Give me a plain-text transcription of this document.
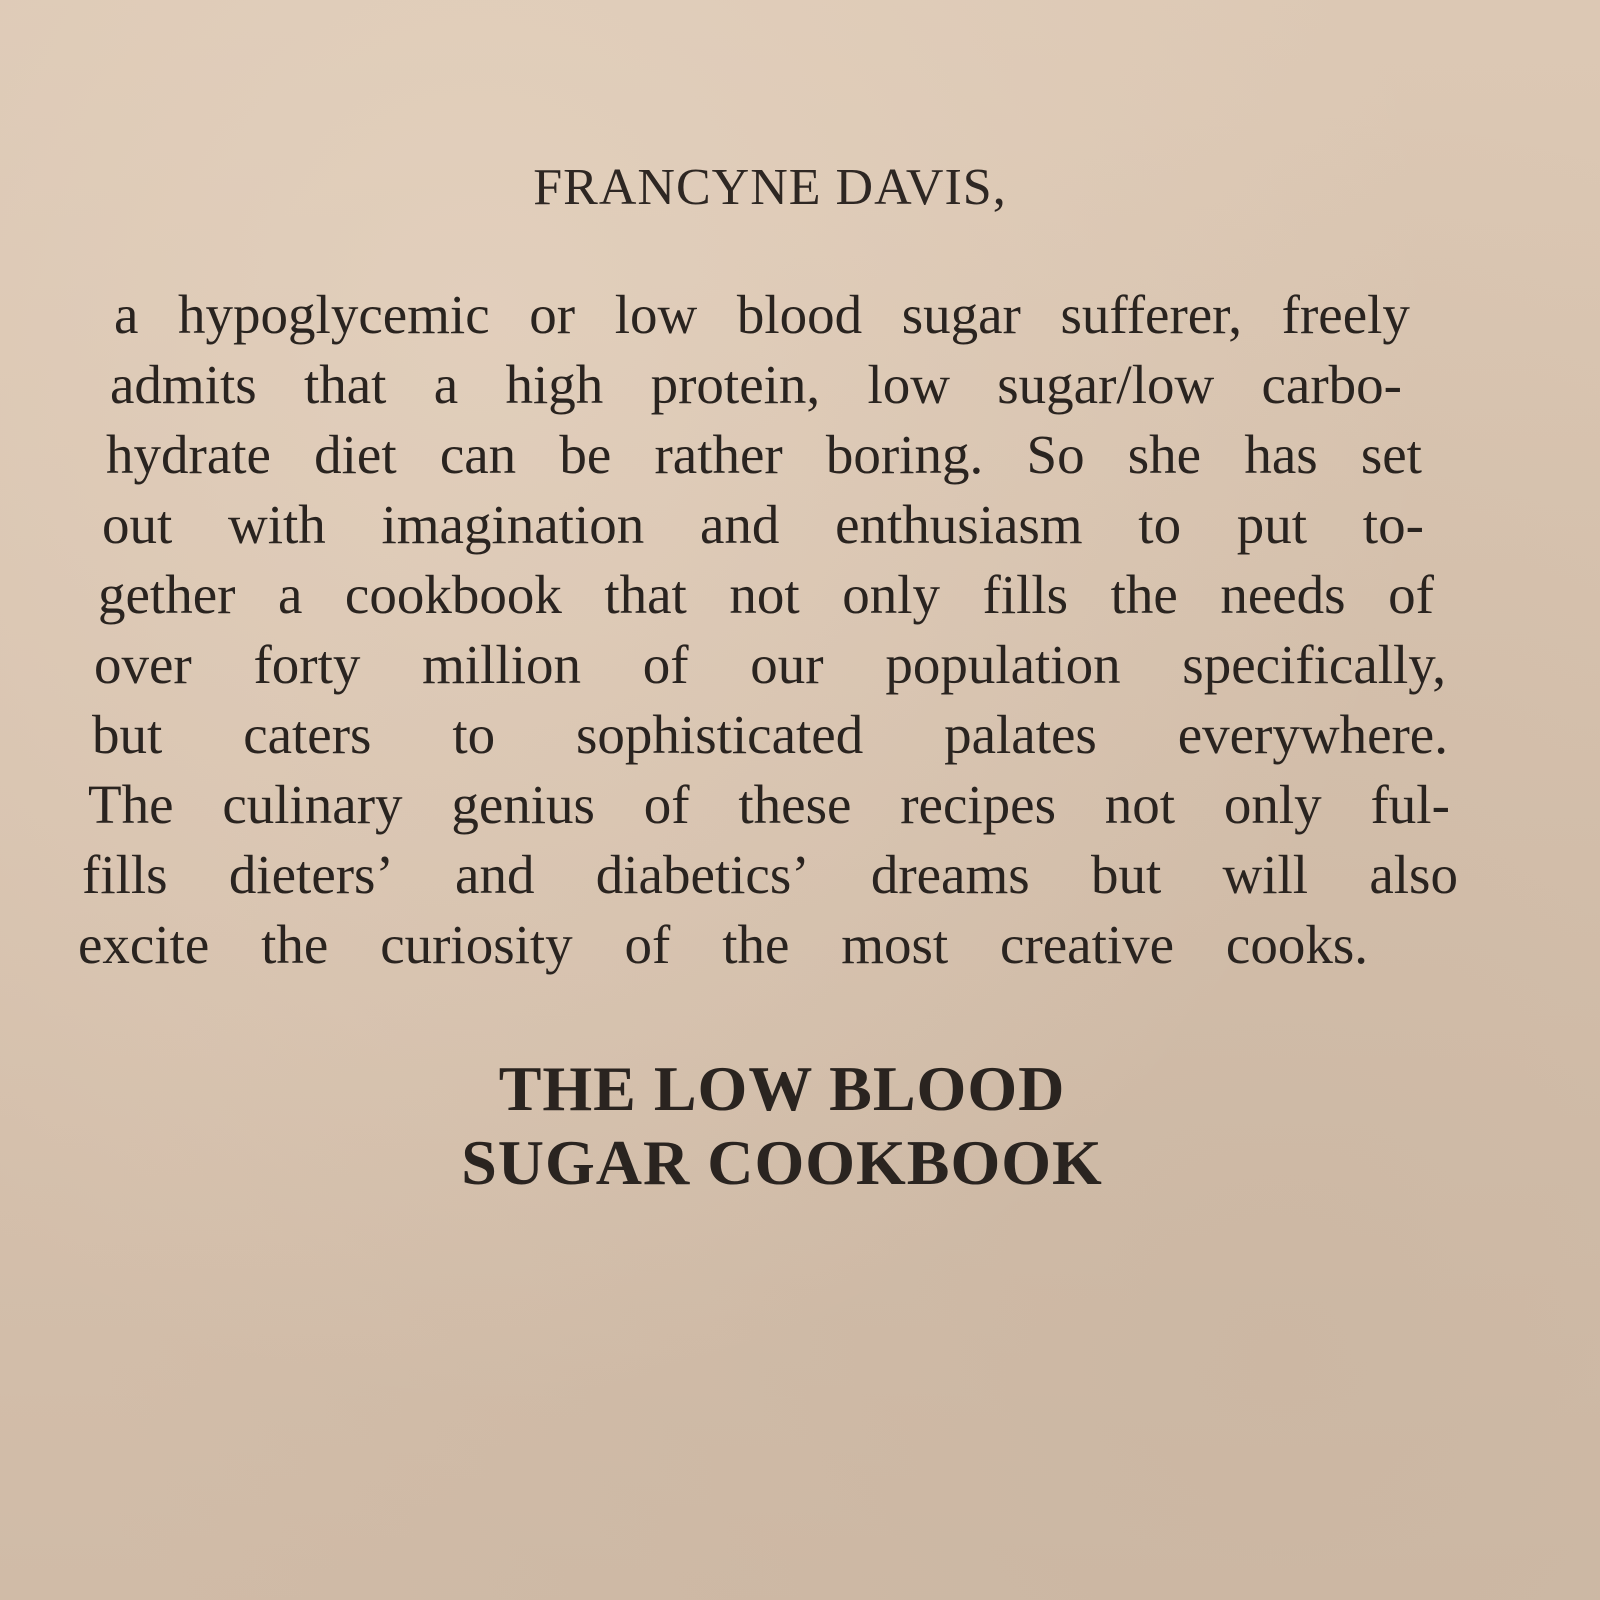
FRANCYNE DAVIS,
a hypoglycemic or low blood sugar sufferer, freely
admits that a high protein, low sugar/low carbo-
hydrate diet can be rather boring. So she has set
out with imagination and enthusiasm to put to-
gether a cookbook that not only fills the needs of
over forty million of our population specifically,
but caters to sophisticated palates everywhere.
The culinary genius of these recipes not only ful-
fills dieters’ and diabetics’ dreams but will also
excite the curiosity of the most creative cooks.
THE LOW BLOOD
SUGAR COOKBOOK
